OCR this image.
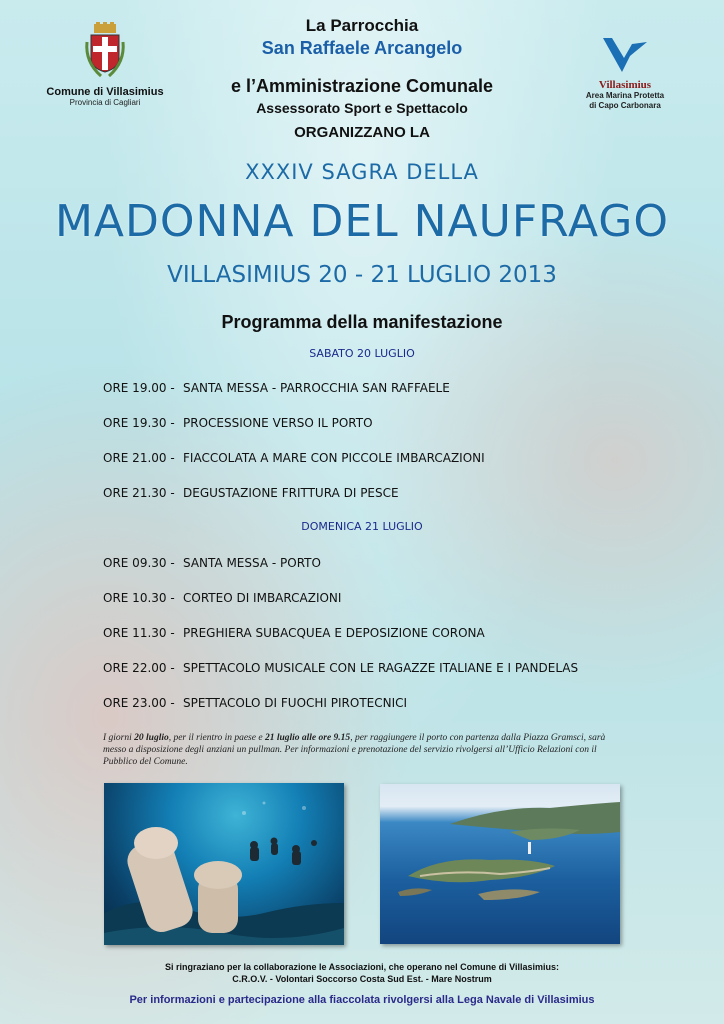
Comune di Villasimius
Provincia di Cagliari
Villasimius
Area Marina Protetta
di Capo Carbonara
La Parrocchia
San Raffaele Arcangelo
e l’Amministrazione Comunale
Assessorato Sport e Spettacolo
ORGANIZZANO LA
XXXIV SAGRA DELLA
MADONNA DEL NAUFRAGO
VILLASIMIUS 20 - 21 LUGLIO 2013
Programma della manifestazione
SABATO 20 LUGLIO
ORE 19.00 - SANTA MESSA - PARROCCHIA SAN RAFFAELE
ORE 19.30 - PROCESSIONE VERSO IL PORTO
ORE 21.00 - FIACCOLATA A MARE CON PICCOLE IMBARCAZIONI
ORE 21.30 - DEGUSTAZIONE FRITTURA DI PESCE
DOMENICA 21 LUGLIO
ORE 09.30 - SANTA MESSA - PORTO
ORE 10.30 - CORTEO DI IMBARCAZIONI
ORE 11.30 - PREGHIERA SUBACQUEA E DEPOSIZIONE CORONA
ORE 22.00 - SPETTACOLO MUSICALE CON LE RAGAZZE ITALIANE E I PANDELAS
ORE 23.00 - SPETTACOLO DI FUOCHI PIROTECNICI
I giorni 20 luglio, per il rientro in paese e 21 luglio alle ore 9.15, per raggiungere il porto con partenza dalla Piazza Gramsci, sarà messo a disposizione degli anziani un pullman. Per informazioni e prenotazione del servizio rivolgersi all’Ufficio Relazioni con il Pubblico del Comune.
Si ringraziano per la collaborazione le Associazioni, che operano nel Comune di Villasimius:
C.R.O.V. - Volontari Soccorso Costa Sud Est. - Mare Nostrum
Per informazioni e partecipazione alla fiaccolata rivolgersi alla Lega Navale di Villasimius
